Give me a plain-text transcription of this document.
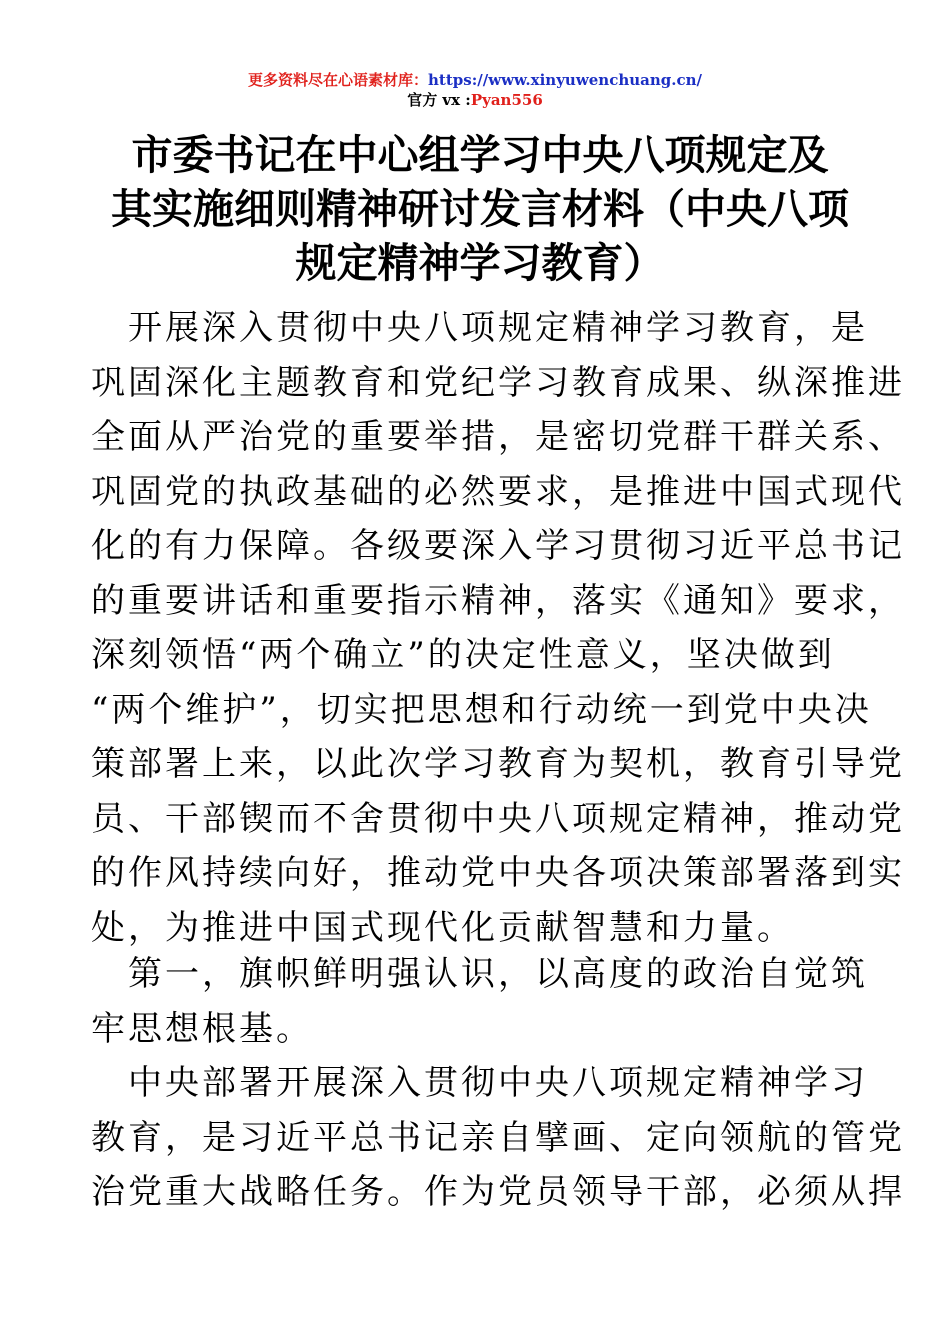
更多资料尽在心语素材库：https://www.xinyuwenchuang.cn/
官方 vx :Pyan556
市委书记在中心组学习中央八项规定及
其实施细则精神研讨发言材料（中央八项
规定精神学习教育）
　开展深入贯彻中央八项规定精神学习教育，是
巩固深化主题教育和党纪学习教育成果、纵深推进
全面从严治党的重要举措，是密切党群干群关系、
巩固党的执政基础的必然要求，是推进中国式现代
化的有力保障。各级要深入学习贯彻习近平总书记
的重要讲话和重要指示精神，落实《通知》要求，
深刻领悟“两个确立”的决定性意义，坚决做到
“两个维护”，切实把思想和行动统一到党中央决
策部署上来，以此次学习教育为契机，教育引导党
员、干部锲而不舍贯彻中央八项规定精神，推动党
的作风持续向好，推动党中央各项决策部署落到实
处，为推进中国式现代化贡献智慧和力量。
　第一，旗帜鲜明强认识，以高度的政治自觉筑
牢思想根基。
　中央部署开展深入贯彻中央八项规定精神学习
教育，是习近平总书记亲自擘画、定向领航的管党
治党重大战略任务。作为党员领导干部，必须从捍
